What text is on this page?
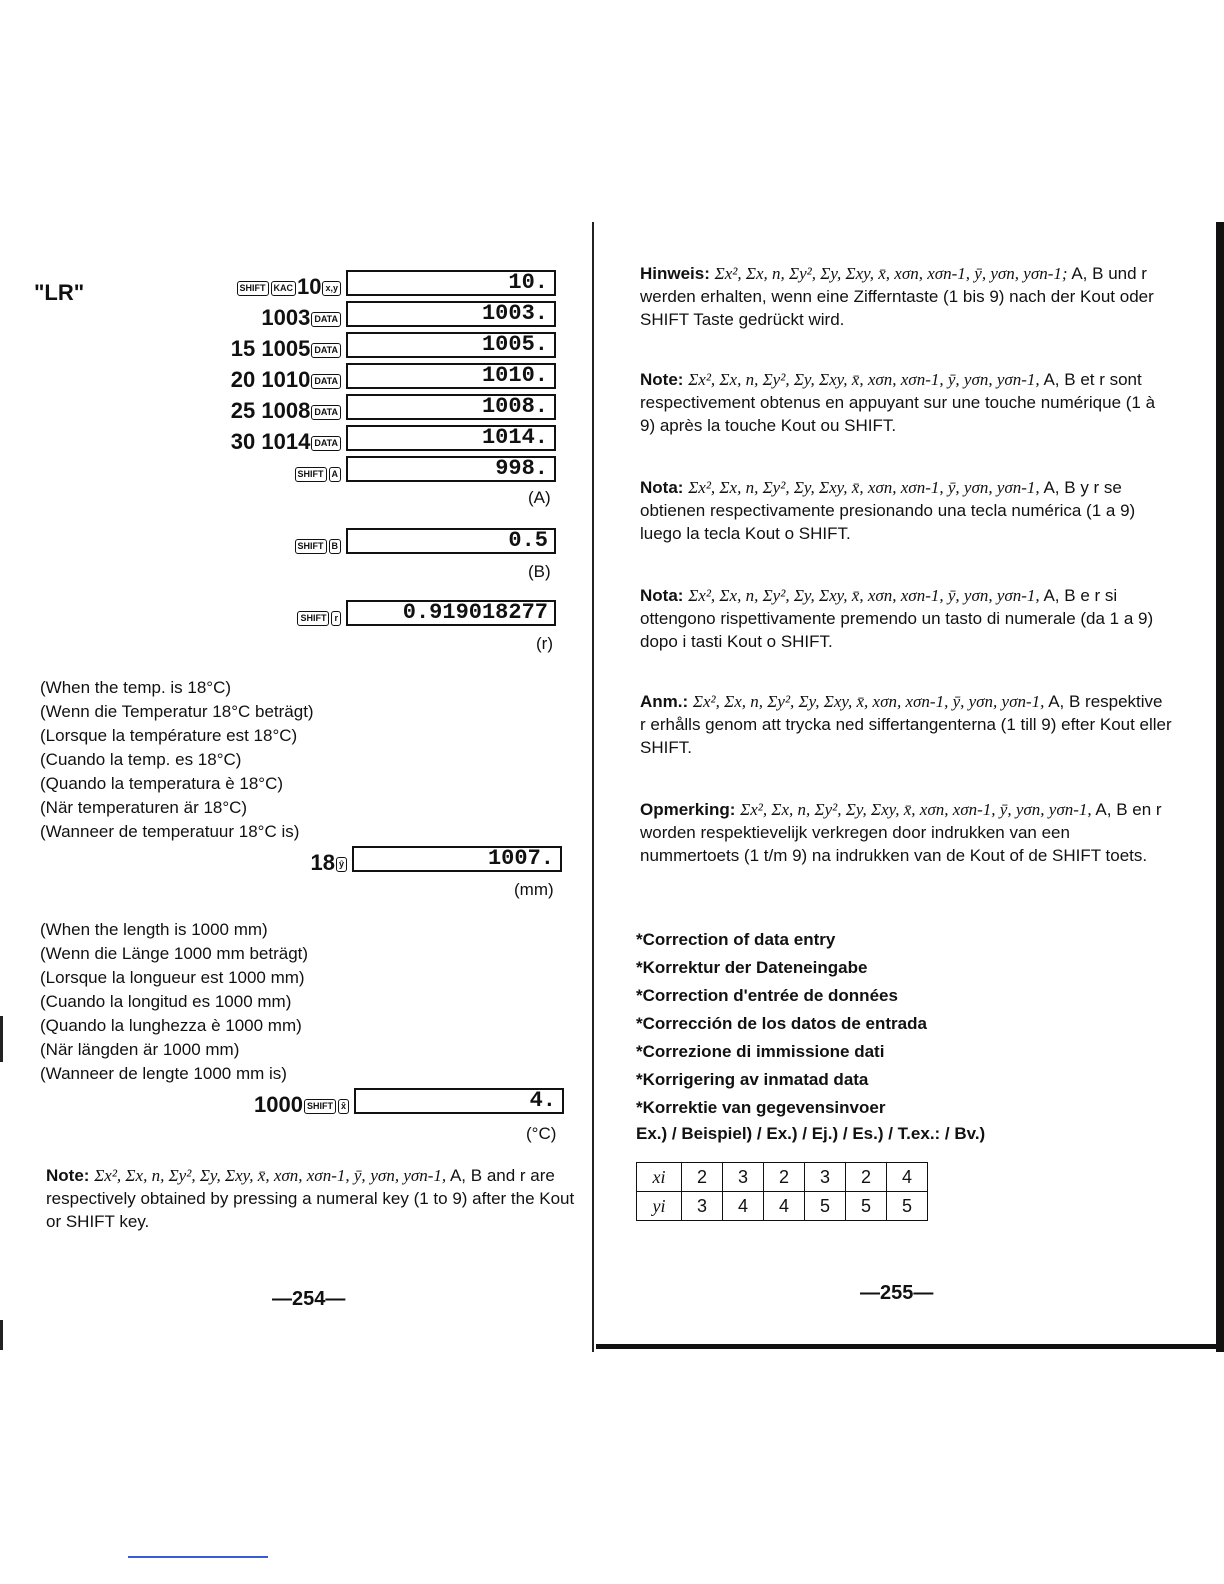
"LR"	SHIFT KAC 10 x,y	10.
1003 DATA	1003.
15 1005 DATA	1005.
20 1010 DATA	1010.
25 1008 DATA	1008.
30 1014 DATA	1014.
SHIFT A	998.
(A)
SHIFT B	0.5
(B)
SHIFT r	0.919018277
(r)
(When the temp. is 18°C)
(Wenn die Temperatur 18°C beträgt)
(Lorsque la température est 18°C)
(Cuando la temp. es 18°C)
(Quando la temperatura è 18°C)
(När temperaturen är 18°C)
(Wanneer de temperatuur 18°C is)
18 ŷ	1007.
(mm)
(When the length is 1000 mm)
(Wenn die Länge 1000 mm beträgt)
(Lorsque la longueur est 1000 mm)
(Cuando la longitud es 1000 mm)
(Quando la lunghezza è 1000 mm)
(När längden är 1000 mm)
(Wanneer de lengte 1000 mm is)
1000 SHIFT x̂	4.
(°C)
Note: Σx², Σx, n, Σy², Σy, Σxy, x̄, xσn, xσn-1, ȳ, yσn, yσn-1, A, B and r are respectively obtained by pressing a numeral key (1 to 9) after the Kout or SHIFT key.
—254—
Hinweis: Σx², Σx, n, Σy², Σy, Σxy, x̄, xσn, xσn-1, ȳ, yσn, yσn-1; A, B und r werden erhalten, wenn eine Zifferntaste (1 bis 9) nach der Kout oder SHIFT Taste gedrückt wird.
Note: Σx², Σx, n, Σy², Σy, Σxy, x̄, xσn, xσn-1, ȳ, yσn, yσn-1, A, B et r sont respectivement obtenus en appuyant sur une touche numérique (1 à 9) après la touche Kout ou SHIFT.
Nota: Σx², Σx, n, Σy², Σy, Σxy, x̄, xσn, xσn-1, ȳ, yσn, yσn-1, A, B y r se obtienen respectivamente presionando una tecla numérica (1 a 9) luego la tecla Kout o SHIFT.
Nota: Σx², Σx, n, Σy², Σy, Σxy, x̄, xσn, xσn-1, ȳ, yσn, yσn-1, A, B e r si ottengono rispettivamente premendo un tasto di numerale (da 1 a 9) dopo i tasti Kout o SHIFT.
Anm.: Σx², Σx, n, Σy², Σy, Σxy, x̄, xσn, xσn-1, ȳ, yσn, yσn-1, A, B respektive r erhålls genom att trycka ned siffertangenterna (1 till 9) efter Kout eller SHIFT.
Opmerking: Σx², Σx, n, Σy², Σy, Σxy, x̄, xσn, xσn-1, ȳ, yσn, yσn-1, A, B en r worden respektievelijk verkregen door indrukken van een nummertoets (1 t/m 9) na indrukken van de Kout of de SHIFT toets.
*Correction of data entry
*Korrektur der Dateneingabe
*Correction d'entrée de données
*Corrección de los datos de entrada
*Correzione di immissione dati
*Korrigering av inmatad data
*Korrektie van gegevensinvoer
Ex.) / Beispiel) / Ex.) / Ej.) / Es.) / T.ex.: / Bv.)
xi	2	3	2	3	2	4
yi	3	4	4	5	5	5
—255—
